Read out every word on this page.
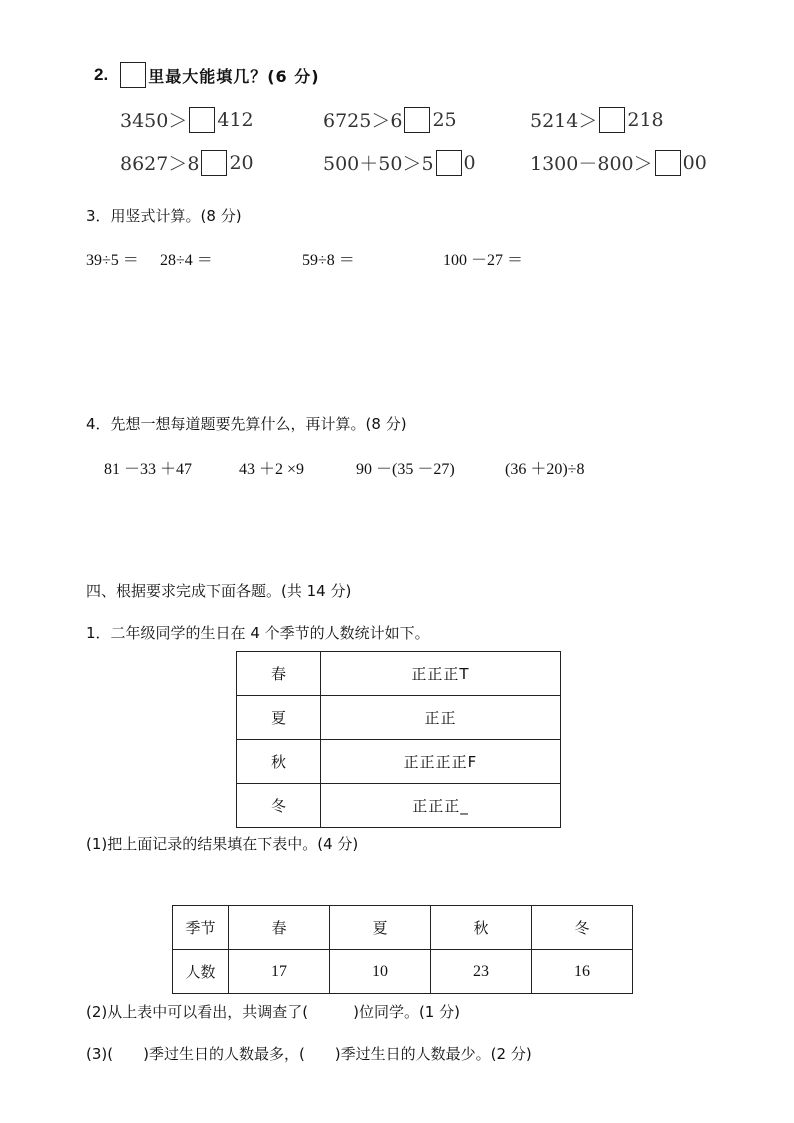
2.	里最大能填几？(6 分)
3450＞ 412	6725＞6 25	5214＞ 218
8627＞8 20	500＋50＞5 0	1300－800＞ 00
3．用竖式计算。(8 分)
39÷5 ＝ 28÷4 ＝	59÷8 ＝	100 －27 ＝
4．先想一想每道题要先算什么，再计算。(8 分)
81 －33 ＋47	43 ＋2 ×9	90 －(35 －27)	(36 ＋20)÷8
四、根据要求完成下面各题。(共 14 分)
1．二年级同学的生日在 4 个季节的人数统计如下。
春	正正正T
夏	正正
秋	正正正正F
冬	正正正_
(1)把上面记录的结果填在下表中。(4 分)
季节	春	夏	秋	冬
人数	17	10	23	16
(2)从上表中可以看出，共调查了(　　　)位同学。(1 分)
(3)(　　)季过生日的人数最多，(　　)季过生日的人数最少。(2 分)
